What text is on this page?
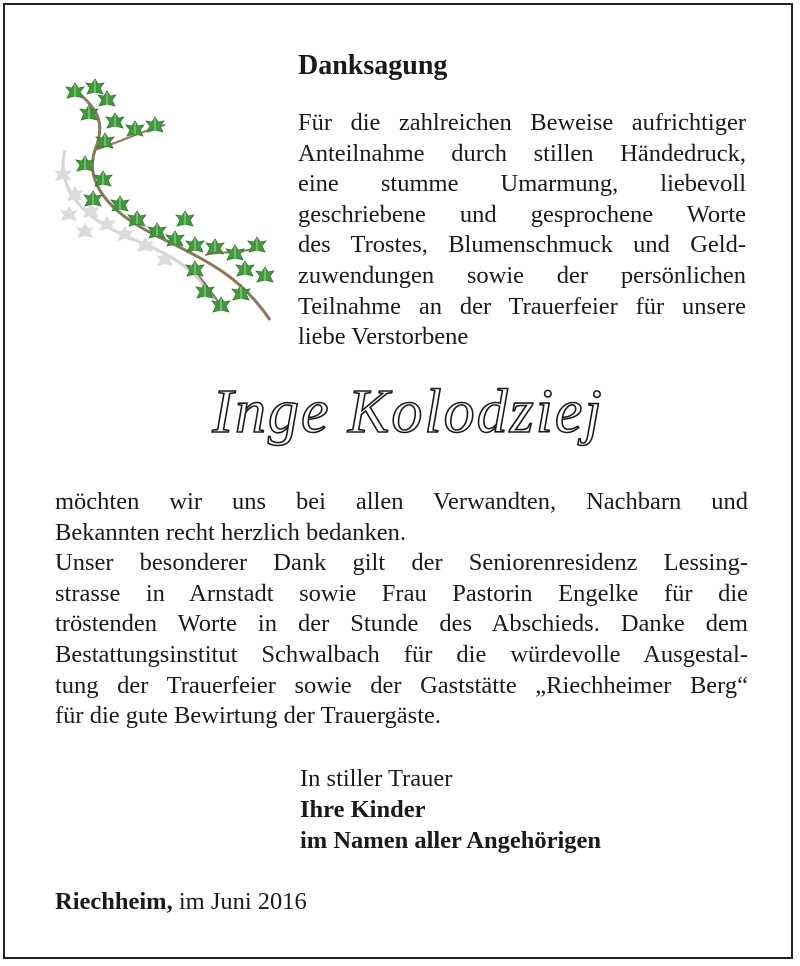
Danksagung
Für die zahlreichen Beweise aufrichtiger
Anteilnahme durch stillen Händedruck,
eine stumme Umarmung, liebevoll
geschriebene und gesprochene Worte
des Trostes, Blumenschmuck und Geld-
zuwendungen sowie der persönlichen
Teilnahme an der Trauerfeier für unsere
liebe Verstorbene
Inge Kolodziej
möchten wir uns bei allen Verwandten, Nachbarn und
Bekannten recht herzlich bedanken.
Unser besonderer Dank gilt der Seniorenresidenz Lessing-
strasse in Arnstadt sowie Frau Pastorin Engelke für die
tröstenden Worte in der Stunde des Abschieds. Danke dem
Bestattungsinstitut Schwalbach für die würdevolle Ausgestal-
tung der Trauerfeier sowie der Gaststätte „Riechheimer Berg“
für die gute Bewirtung der Trauergäste.
In stiller Trauer
Ihre Kinder
im Namen aller Angehörigen
Riechheim, im Juni 2016
